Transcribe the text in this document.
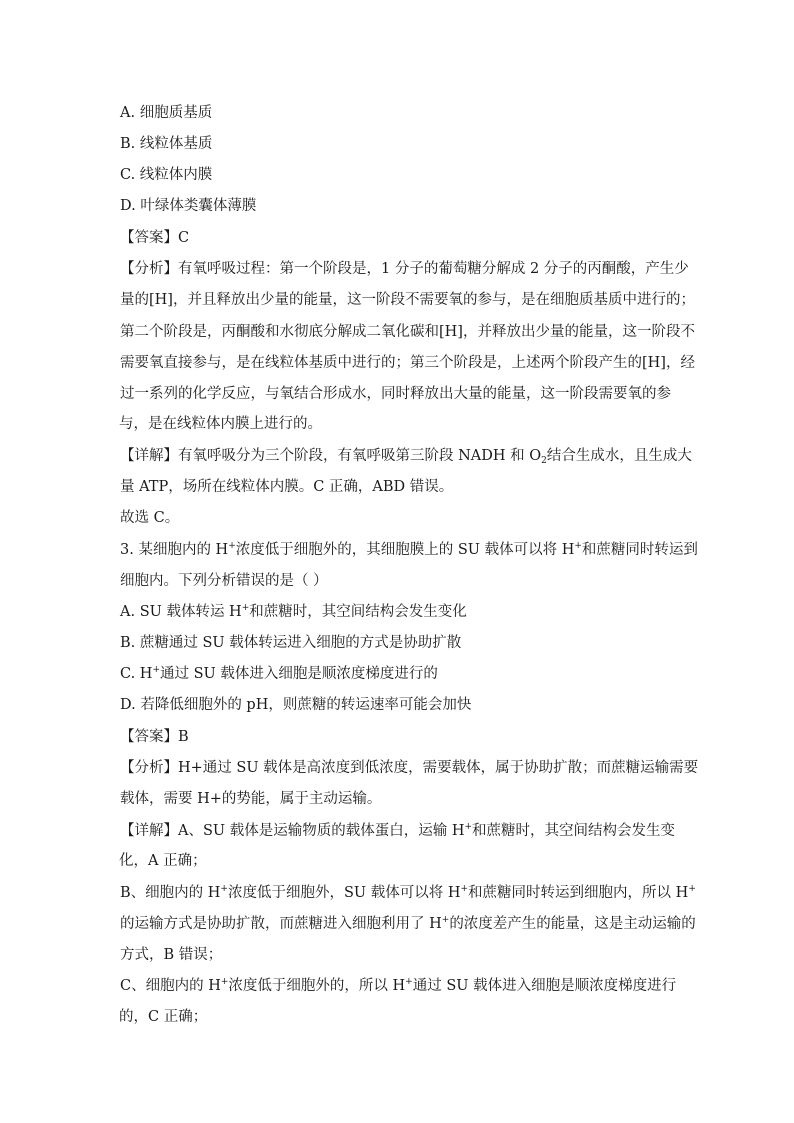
A. 细胞质基质
B. 线粒体基质
C. 线粒体内膜
D. 叶绿体类囊体薄膜
【答案】C
【分析】有氧呼吸过程：第一个阶段是，1 分子的葡萄糖分解成 2 分子的丙酮酸，产生少
量的[H]，并且释放出少量的能量，这一阶段不需要氧的参与，是在细胞质基质中进行的；
第二个阶段是，丙酮酸和水彻底分解成二氧化碳和[H]，并释放出少量的能量，这一阶段不
需要氧直接参与，是在线粒体基质中进行的；第三个阶段是，上述两个阶段产生的[H]，经
过一系列的化学反应，与氧结合形成水，同时释放出大量的能量，这一阶段需要氧的参
与，是在线粒体内膜上进行的。
【详解】有氧呼吸分为三个阶段，有氧呼吸第三阶段 NADH 和 $O_2$结合生成水，且生成大
量 ATP，场所在线粒体内膜。C 正确，ABD 错误。
故选 C。
3. 某细胞内的 H+浓度低于细胞外的，其细胞膜上的 SU 载体可以将 H+和蔗糖同时转运到
细胞内。下列分析错误的是（ ）
A. SU 载体转运 H+和蔗糖时，其空间结构会发生变化
B. 蔗糖通过 SU 载体转运进入细胞的方式是协助扩散
C. H+通过 SU 载体进入细胞是顺浓度梯度进行的
D. 若降低细胞外的 pH，则蔗糖的转运速率可能会加快
【答案】B
【分析】H+通过 SU 载体是高浓度到低浓度，需要载体，属于协助扩散；而蔗糖运输需要
载体，需要 H+的势能，属于主动运输。
【详解】A、SU 载体是运输物质的载体蛋白，运输 H+和蔗糖时，其空间结构会发生变
化，A 正确；
B、细胞内的 H+浓度低于细胞外，SU 载体可以将 H+和蔗糖同时转运到细胞内，所以 H+
的运输方式是协助扩散，而蔗糖进入细胞利用了 H+的浓度差产生的能量，这是主动运输的
方式，B 错误；
C、细胞内的 H+浓度低于细胞外的，所以 H+通过 SU 载体进入细胞是顺浓度梯度进行
的，C 正确；
